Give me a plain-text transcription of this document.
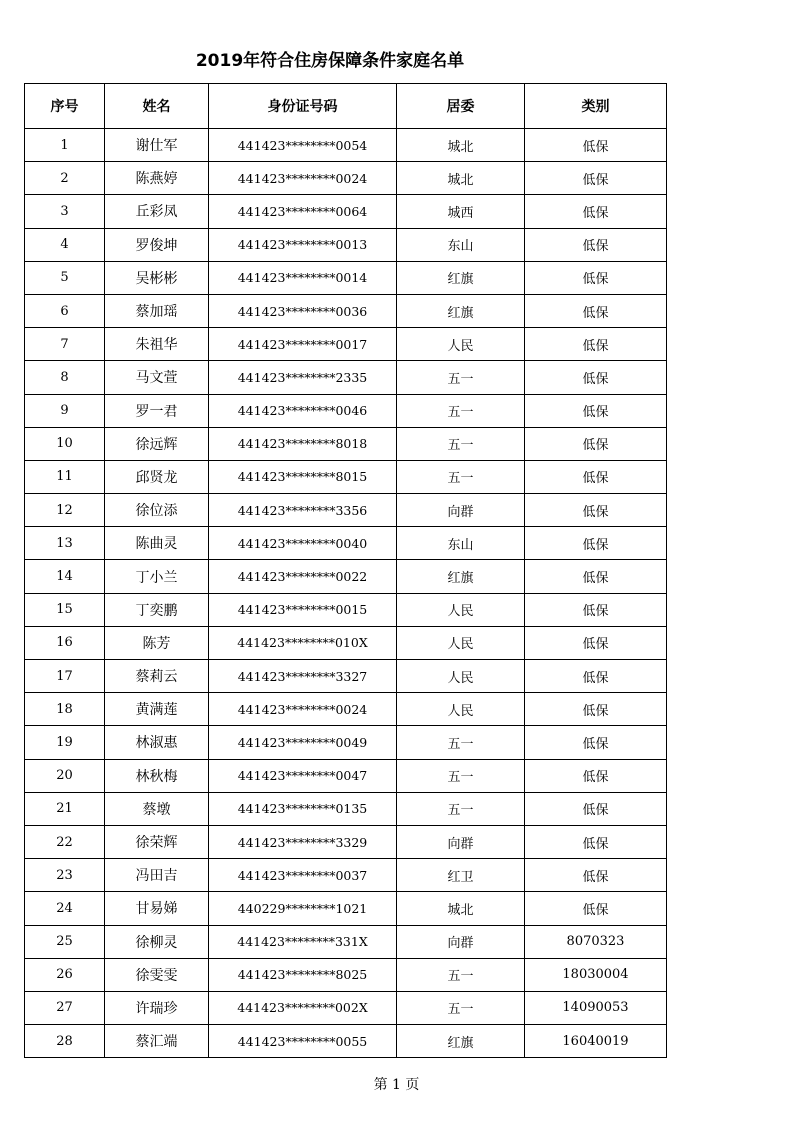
2019年符合住房保障条件家庭名单
序号	姓名	身份证号码	居委	类别
1	谢仕军	441423********0054	城北	低保
2	陈燕婷	441423********0024	城北	低保
3	丘彩凤	441423********0064	城西	低保
4	罗俊坤	441423********0013	东山	低保
5	吴彬彬	441423********0014	红旗	低保
6	蔡加瑶	441423********0036	红旗	低保
7	朱祖华	441423********0017	人民	低保
8	马文萱	441423********2335	五一	低保
9	罗一君	441423********0046	五一	低保
10	徐远辉	441423********8018	五一	低保
11	邱贤龙	441423********8015	五一	低保
12	徐位添	441423********3356	向群	低保
13	陈曲灵	441423********0040	东山	低保
14	丁小兰	441423********0022	红旗	低保
15	丁奕鹏	441423********0015	人民	低保
16	陈芳	441423********010X	人民	低保
17	蔡莉云	441423********3327	人民	低保
18	黄满莲	441423********0024	人民	低保
19	林淑惠	441423********0049	五一	低保
20	林秋梅	441423********0047	五一	低保
21	蔡墩	441423********0135	五一	低保
22	徐荣辉	441423********3329	向群	低保
23	冯田吉	441423********0037	红卫	低保
24	甘易娣	440229********1021	城北	低保
25	徐柳灵	441423********331X	向群	8070323
26	徐雯雯	441423********8025	五一	18030004
27	许瑞珍	441423********002X	五一	14090053
28	蔡汇端	441423********0055	红旗	16040019
第 1 页
